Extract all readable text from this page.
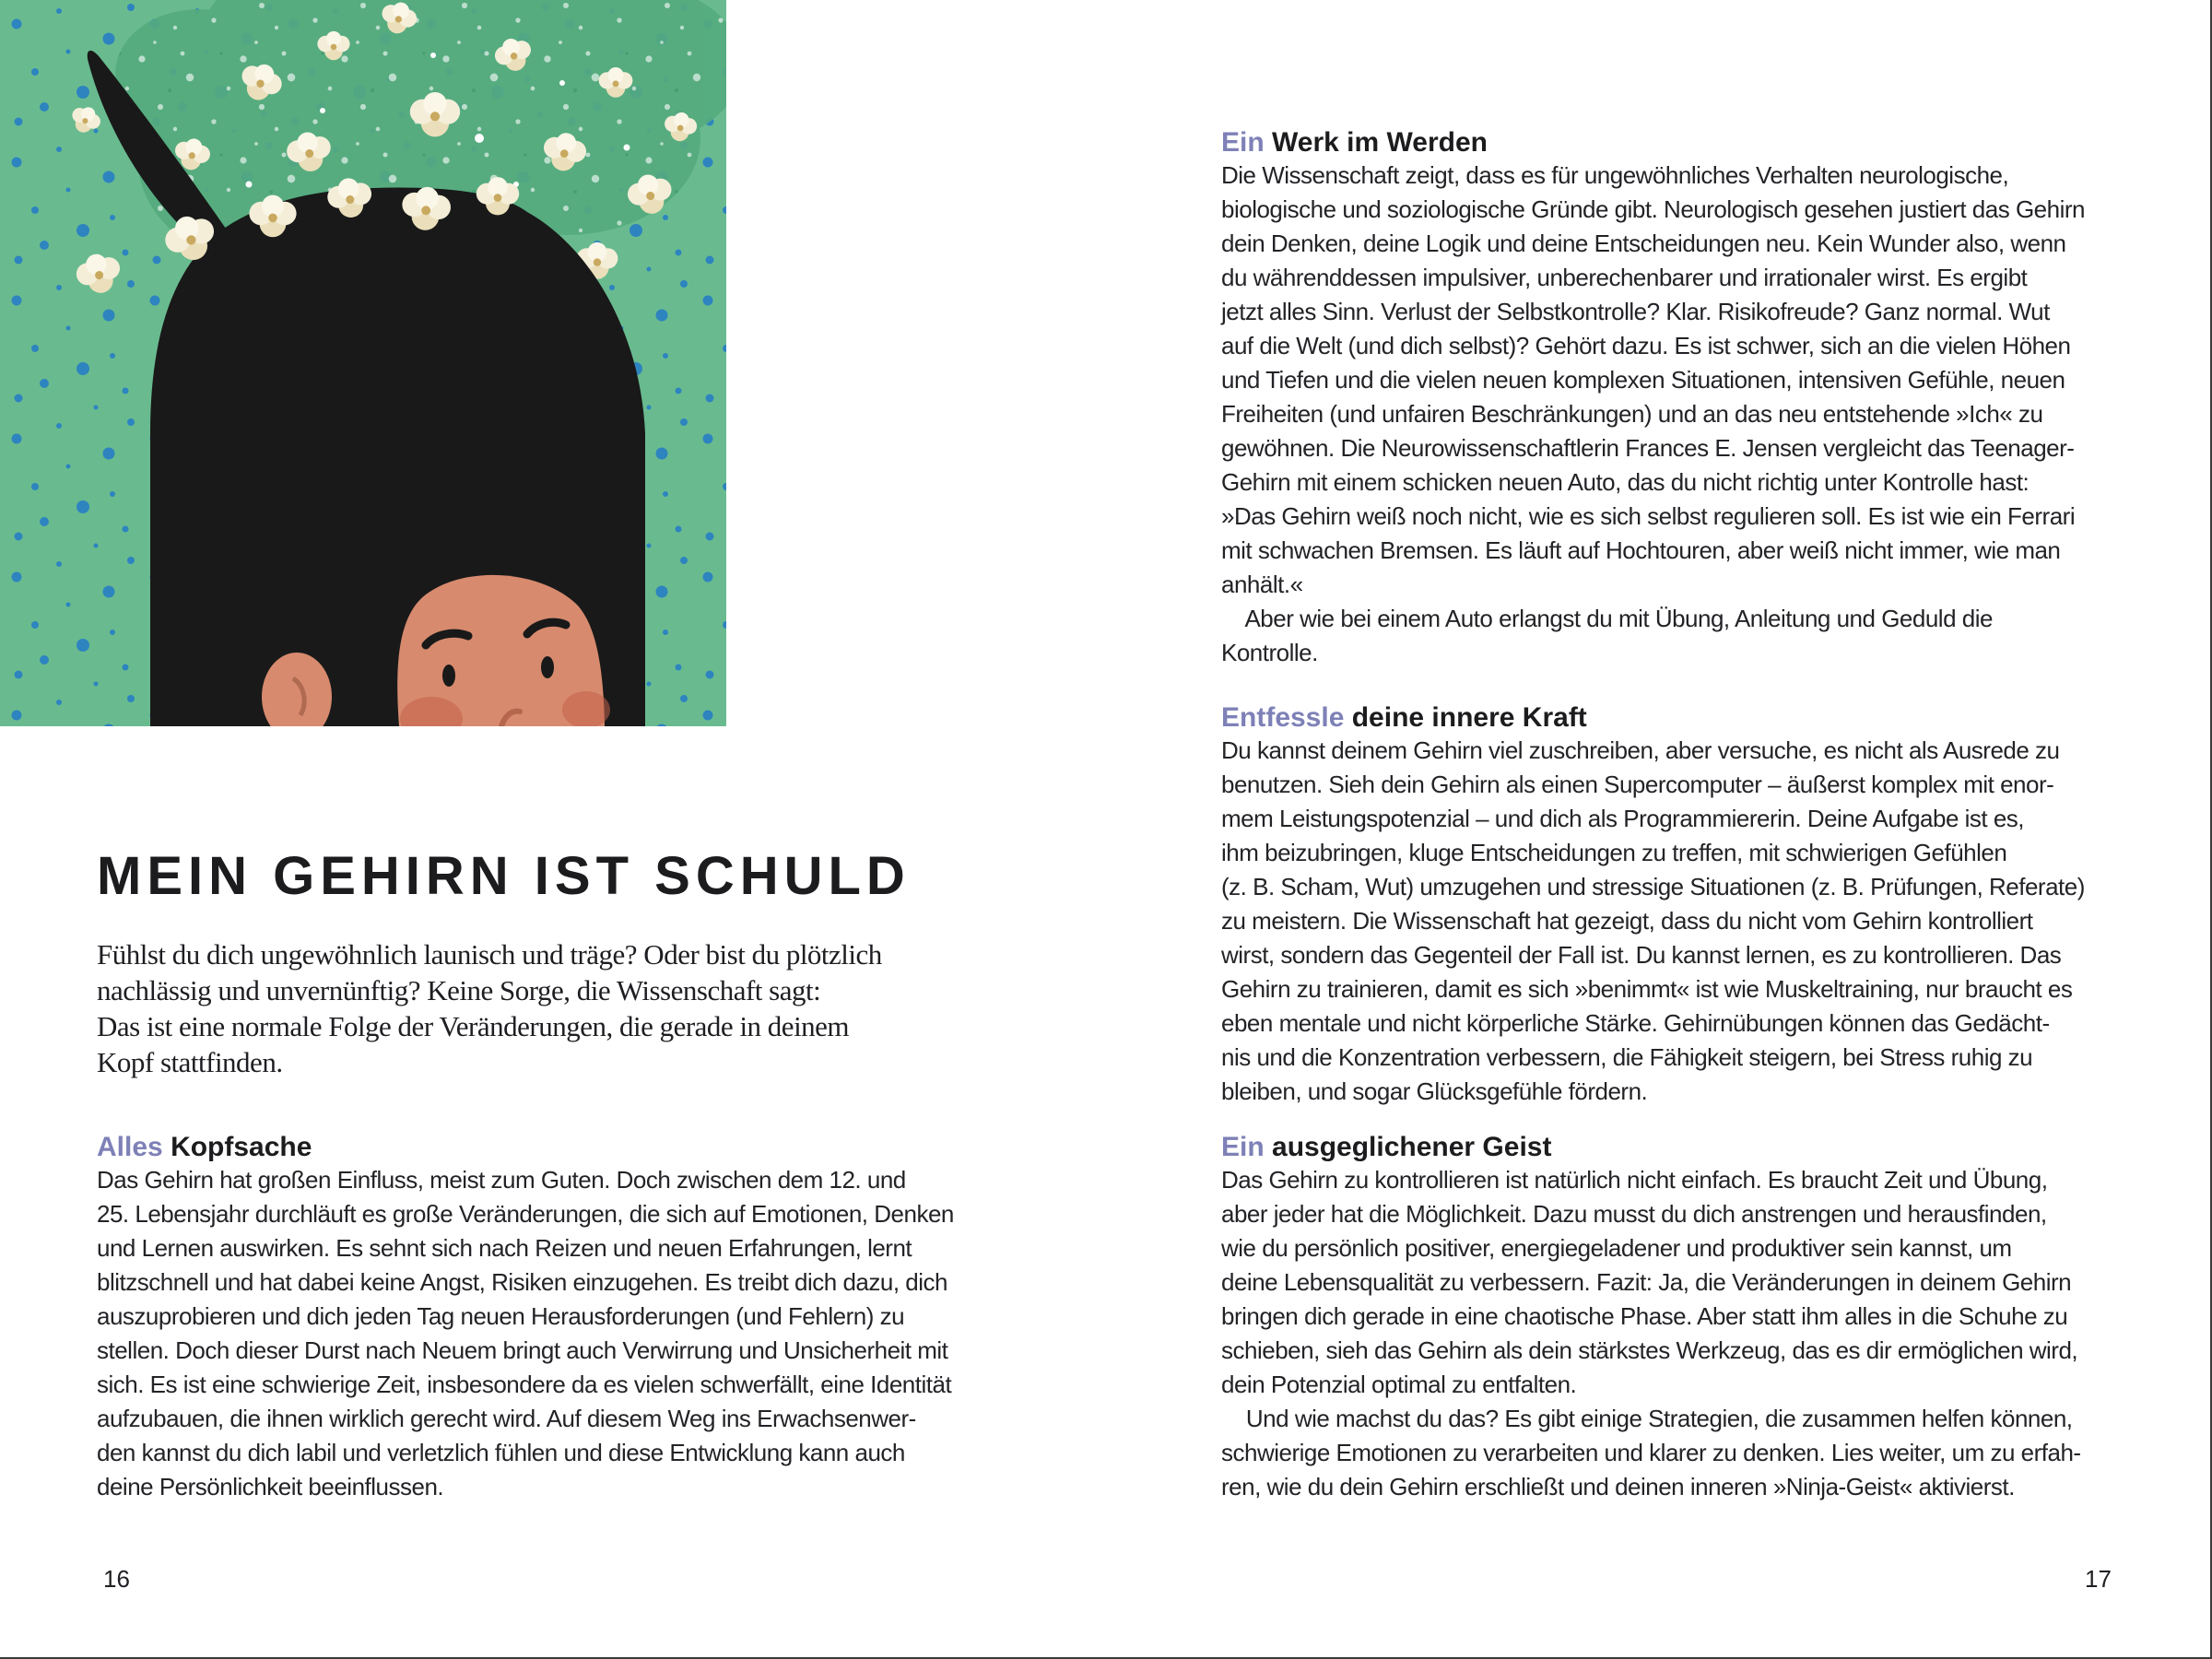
MEIN GEHIRN IST SCHULD
Fühlst du dich ungewöhnlich launisch und träge? Oder bist du plötzlich
nachlässig und unvernünftig? Keine Sorge, die Wissenschaft sagt:
Das ist eine normale Folge der Veränderungen, die gerade in deinem
Kopf stattfinden.
Alles Kopfsache
Das Gehirn hat großen Einfluss, meist zum Guten. Doch zwischen dem 12. und
25. Lebensjahr durchläuft es große Veränderungen, die sich auf Emotionen, Denken
und Lernen auswirken. Es sehnt sich nach Reizen und neuen Erfahrungen, lernt
blitzschnell und hat dabei keine Angst, Risiken einzugehen. Es treibt dich dazu, dich
auszuprobieren und dich jeden Tag neuen Herausforderungen (und Fehlern) zu
stellen. Doch dieser Durst nach Neuem bringt auch Verwirrung und Unsicherheit mit
sich. Es ist eine schwierige Zeit, insbesondere da es vielen schwerfällt, eine Identität
aufzubauen, die ihnen wirklich gerecht wird. Auf diesem Weg ins Erwachsenwer-
den kannst du dich labil und verletzlich fühlen und diese Entwicklung kann auch
deine Persönlichkeit beeinflussen.
16
Ein Werk im Werden
Die Wissenschaft zeigt, dass es für ungewöhnliches Verhalten neurologische,
biologische und soziologische Gründe gibt. Neurologisch gesehen justiert das Gehirn
dein Denken, deine Logik und deine Entscheidungen neu. Kein Wunder also, wenn
du währenddessen impulsiver, unberechenbarer und irrationaler wirst. Es ergibt
jetzt alles Sinn. Verlust der Selbstkontrolle? Klar. Risikofreude? Ganz normal. Wut
auf die Welt (und dich selbst)? Gehört dazu. Es ist schwer, sich an die vielen Höhen
und Tiefen und die vielen neuen komplexen Situationen, intensiven Gefühle, neuen
Freiheiten (und unfairen Beschränkungen) und an das neu entstehende »Ich« zu
gewöhnen. Die Neurowissenschaftlerin Frances E. Jensen vergleicht das Teenager-
Gehirn mit einem schicken neuen Auto, das du nicht richtig unter Kontrolle hast:
»Das Gehirn weiß noch nicht, wie es sich selbst regulieren soll. Es ist wie ein Ferrari
mit schwachen Bremsen. Es läuft auf Hochtouren, aber weiß nicht immer, wie man
anhält.«
Aber wie bei einem Auto erlangst du mit Übung, Anleitung und Geduld die
Kontrolle.
Entfessle deine innere Kraft
Du kannst deinem Gehirn viel zuschreiben, aber versuche, es nicht als Ausrede zu
benutzen. Sieh dein Gehirn als einen Supercomputer – äußerst komplex mit enor-
mem Leistungspotenzial – und dich als Programmiererin. Deine Aufgabe ist es,
ihm beizubringen, kluge Entscheidungen zu treffen, mit schwierigen Gefühlen
(z. B. Scham, Wut) umzugehen und stressige Situationen (z. B. Prüfungen, Referate)
zu meistern. Die Wissenschaft hat gezeigt, dass du nicht vom Gehirn kontrolliert
wirst, sondern das Gegenteil der Fall ist. Du kannst lernen, es zu kontrollieren. Das
Gehirn zu trainieren, damit es sich »benimmt« ist wie Muskeltraining, nur braucht es
eben mentale und nicht körperliche Stärke. Gehirnübungen können das Gedächt-
nis und die Konzentration verbessern, die Fähigkeit steigern, bei Stress ruhig zu
bleiben, und sogar Glücksgefühle fördern.
Ein ausgeglichener Geist
Das Gehirn zu kontrollieren ist natürlich nicht einfach. Es braucht Zeit und Übung,
aber jeder hat die Möglichkeit. Dazu musst du dich anstrengen und herausfinden,
wie du persönlich positiver, energiegeladener und produktiver sein kannst, um
deine Lebensqualität zu verbessern. Fazit: Ja, die Veränderungen in deinem Gehirn
bringen dich gerade in eine chaotische Phase. Aber statt ihm alles in die Schuhe zu
schieben, sieh das Gehirn als dein stärkstes Werkzeug, das es dir ermöglichen wird,
dein Potenzial optimal zu entfalten.
Und wie machst du das? Es gibt einige Strategien, die zusammen helfen können,
schwierige Emotionen zu verarbeiten und klarer zu denken. Lies weiter, um zu erfah-
ren, wie du dein Gehirn erschließt und deinen inneren »Ninja-Geist« aktivierst.
17
